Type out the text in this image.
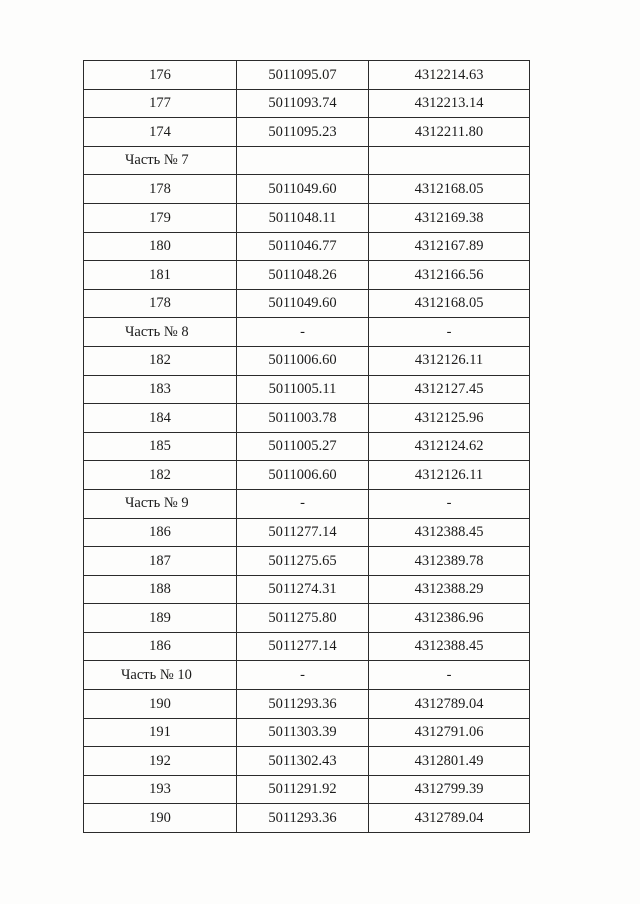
176	5011095.07	4312214.63
177	5011093.74	4312213.14
174	5011095.23	4312211.80
Часть № 7		
178	5011049.60	4312168.05
179	5011048.11	4312169.38
180	5011046.77	4312167.89
181	5011048.26	4312166.56
178	5011049.60	4312168.05
Часть № 8	-	-
182	5011006.60	4312126.11
183	5011005.11	4312127.45
184	5011003.78	4312125.96
185	5011005.27	4312124.62
182	5011006.60	4312126.11
Часть № 9	-	-
186	5011277.14	4312388.45
187	5011275.65	4312389.78
188	5011274.31	4312388.29
189	5011275.80	4312386.96
186	5011277.14	4312388.45
Часть № 10	-	-
190	5011293.36	4312789.04
191	5011303.39	4312791.06
192	5011302.43	4312801.49
193	5011291.92	4312799.39
190	5011293.36	4312789.04
